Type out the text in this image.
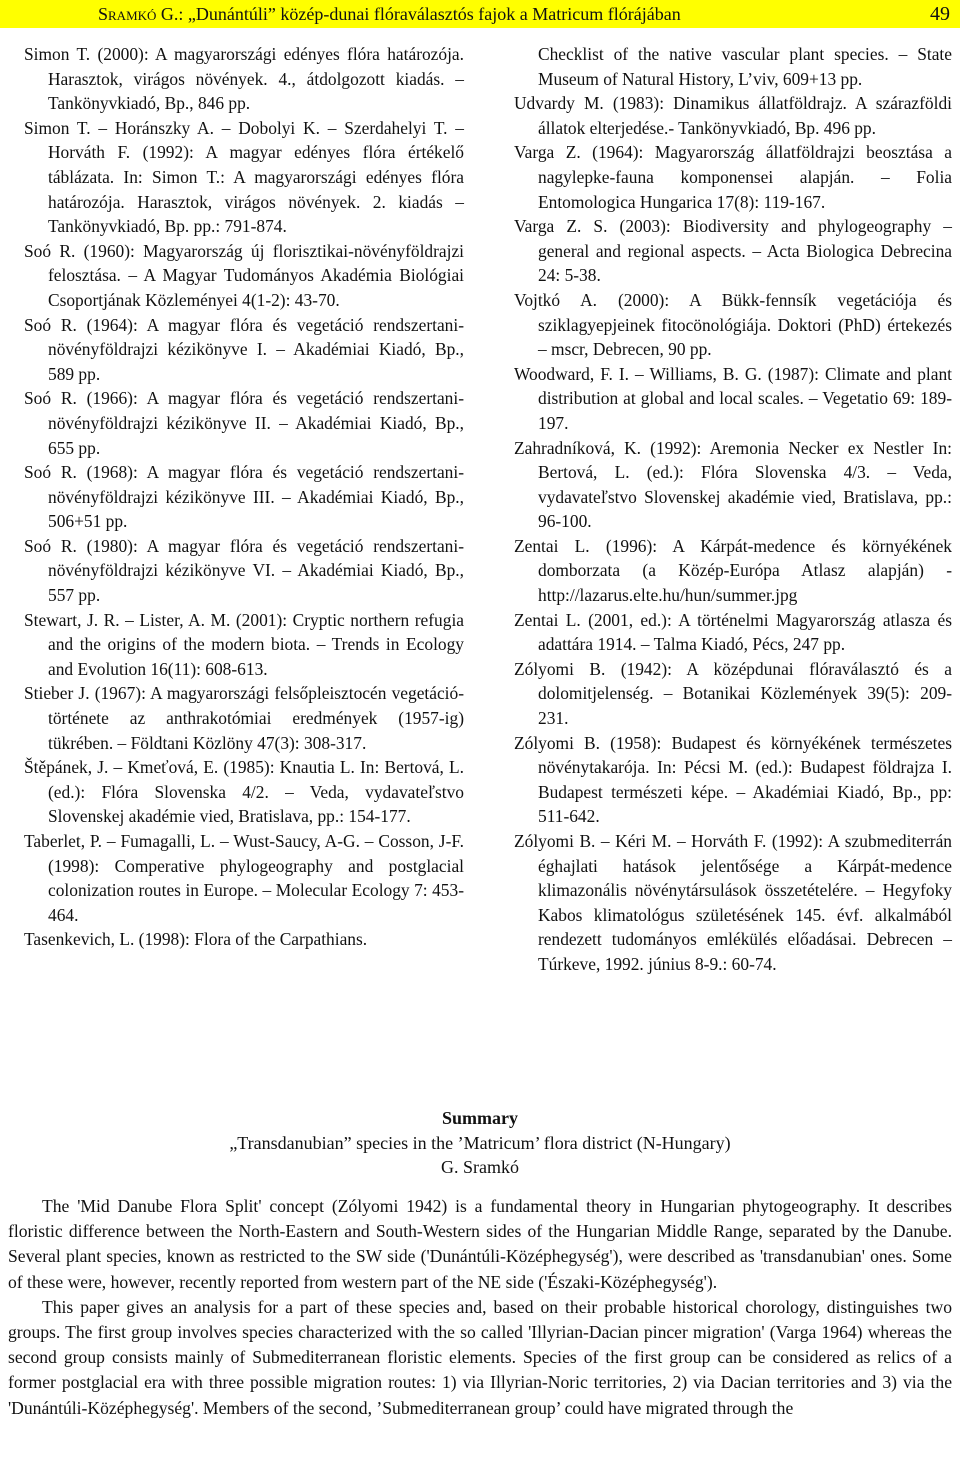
Sramkó G.: „Dunántúli” közép-dunai flóraválasztós fajok a Matricum flórájában	49

Simon T. (2000): A magyarországi edényes flóra határozója. Harasztok, virágos növények. 4., átdolgozott kiadás. – Tankönyvkiadó, Bp., 846 pp.

Simon T. – Horánszky A. – Dobolyi K. – Szerdahelyi T. – Horváth F. (1992): A magyar edényes flóra értékelő táblázata. In: Simon T.: A magyarországi edényes flóra határozója. Harasztok, virágos növények. 2. kiadás – Tankönyvkiadó, Bp. pp.: 791-874.

Soó R. (1960): Magyarország új florisztikai-növényföldrajzi felosztása. – A Magyar Tudományos Akadémia Biológiai Csoportjának Közleményei 4(1-2): 43-70.

Soó R. (1964): A magyar flóra és vegetáció rendszertani-növényföldrajzi kézikönyve I. – Akadémiai Kiadó, Bp., 589 pp.

Soó R. (1966): A magyar flóra és vegetáció rendszertani-növényföldrajzi kézikönyve II. – Akadémiai Kiadó, Bp., 655 pp.

Soó R. (1968): A magyar flóra és vegetáció rendszertani-növényföldrajzi kézikönyve III. – Akadémiai Kiadó, Bp., 506+51 pp.

Soó R. (1980): A magyar flóra és vegetáció rendszertani-növényföldrajzi kézikönyve VI. – Akadémiai Kiadó, Bp., 557 pp.

Stewart, J. R. – Lister, A. M. (2001): Cryptic northern refugia and the origins of the modern biota. – Trends in Ecology and Evolution 16(11): 608-613.

Stieber J. (1967): A magyarországi felsőpleisztocén vegetáció-története az anthrakotómiai eredmények (1957-ig) tükrében. – Földtani Közlöny 47(3): 308-317.

Štěpánek, J. – Kmeťová, E. (1985): Knautia L. In: Bertová, L. (ed.): Flóra Slovenska 4/2. – Veda, vydavateľstvo Slovenskej akadémie vied, Bratislava, pp.: 154-177.

Taberlet, P. – Fumagalli, L. – Wust-Saucy, A-G. – Cosson, J-F. (1998): Comperative phylogeography and postglacial colonization routes in Europe. – Molecular Ecology 7: 453-464.

Tasenkevich, L. (1998): Flora of the Carpathians.

Checklist of the native vascular plant species. – State Museum of Natural History, L’viv, 609+13 pp.

Udvardy M. (1983): Dinamikus állatföldrajz. A szárazföldi állatok elterjedése.- Tankönyvkiadó, Bp. 496 pp.

Varga Z. (1964): Magyarország állatföldrajzi beosztása a nagylepke-fauna komponensei alapján. – Folia Entomologica Hungarica 17(8): 119-167.

Varga Z. S. (2003): Biodiversity and phylogeography – general and regional aspects. – Acta Biologica Debrecina 24: 5-38.

Vojtkó A. (2000): A Bükk-fennsík vegetációja és sziklagyepjeinek fitocönológiája. Doktori (PhD) értekezés – mscr, Debrecen, 90 pp.

Woodward, F. I. – Williams, B. G. (1987): Climate and plant distribution at global and local scales. – Vegetatio 69: 189-197.

Zahradníková, K. (1992): Aremonia Necker ex Nestler In: Bertová, L. (ed.): Flóra Slovenska 4/3. – Veda, vydavateľstvo Slovenskej akadémie vied, Bratislava, pp.: 96-100.

Zentai L. (1996): A Kárpát-medence és környékének domborzata (a Közép-Európa Atlasz alapján) - http://lazarus.elte.hu/hun/summer.jpg

Zentai L. (2001, ed.): A történelmi Magyarország atlasza és adattára 1914. – Talma Kiadó, Pécs, 247 pp.

Zólyomi B. (1942): A középdunai flóraválasztó és a dolomitjelenség. – Botanikai Közlemények 39(5): 209-231.

Zólyomi B. (1958): Budapest és környékének természetes növénytakarója. In: Pécsi M. (ed.): Budapest földrajza I. Budapest természeti képe. – Akadémiai Kiadó, Bp., pp: 511-642.

Zólyomi B. – Kéri M. – Horváth F. (1992): A szubmediterrán éghajlati hatások jelentősége a Kárpát-medence klimazonális növénytársulások összetételére. – Hegyfoky Kabos klimatológus születésének 145. évf. alkalmából rendezett tudományos emlékülés előadásai. Debrecen – Túrkeve, 1992. június 8-9.: 60-74.

Summary
„Transdanubian” species in the ’Matricum’ flora district (N-Hungary)
G. Sramkó

The 'Mid Danube Flora Split' concept (Zólyomi 1942) is a fundamental theory in Hungarian phytogeography. It describes floristic difference between the North-Eastern and South-Western sides of the Hungarian Middle Range, separated by the Danube. Several plant species, known as restricted to the SW side ('Dunántúli-Középhegység'), were described as 'transdanubian' ones. Some of these were, however, recently reported from western part of the NE side ('Északi-Középhegység').

This paper gives an analysis for a part of these species and, based on their probable historical chorology, distinguishes two groups. The first group involves species characterized with the so called 'Illyrian-Dacian pincer migration' (Varga 1964) whereas the second group consists mainly of Submediterranean floristic elements. Species of the first group can be considered as relics of a former postglacial era with three possible migration routes: 1) via Illyrian-Noric territories, 2) via Dacian territories and 3) via the 'Dunántúli-Középhegység'. Members of the second, ’Submediterranean group’ could have migrated through the
